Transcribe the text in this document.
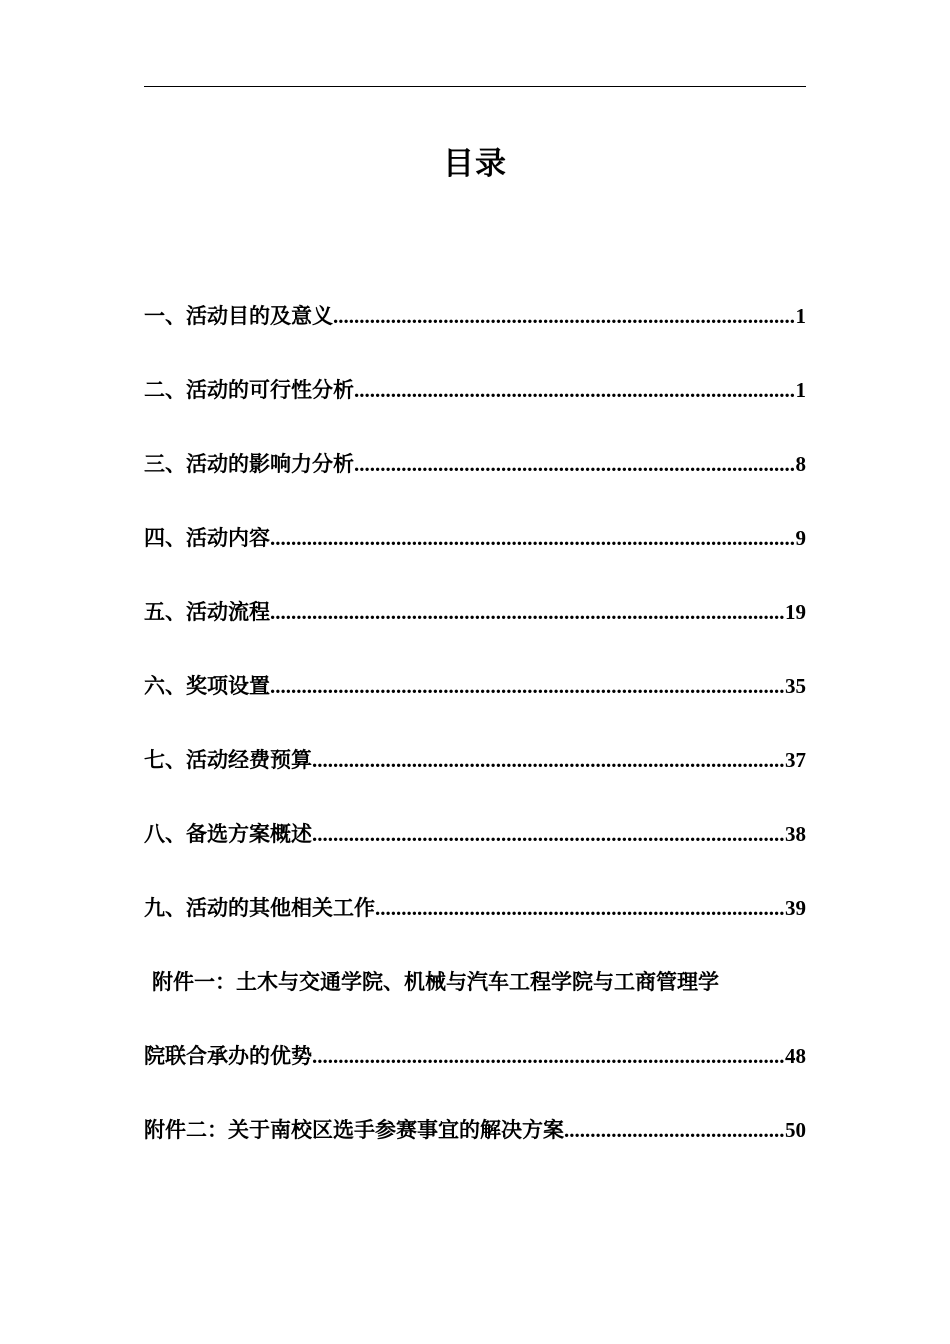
目录
一、活动目的及意义 .....	1
二、活动的可行性分析 .....	1
三、活动的影响力分析 .....	8
四、活动内容 .....	9
五、活动流程 .....	19
六、奖项设置 .....	35
七、活动经费预算 .....	37
八、备选方案概述 .....	38
九、活动的其他相关工作 .....	39
附件一：土木与交通学院、机械与汽车工程学院与工商管理学
院联合承办的优势 .....	48
附件二：关于南校区选手参赛事宜的解决方案 .....	50
